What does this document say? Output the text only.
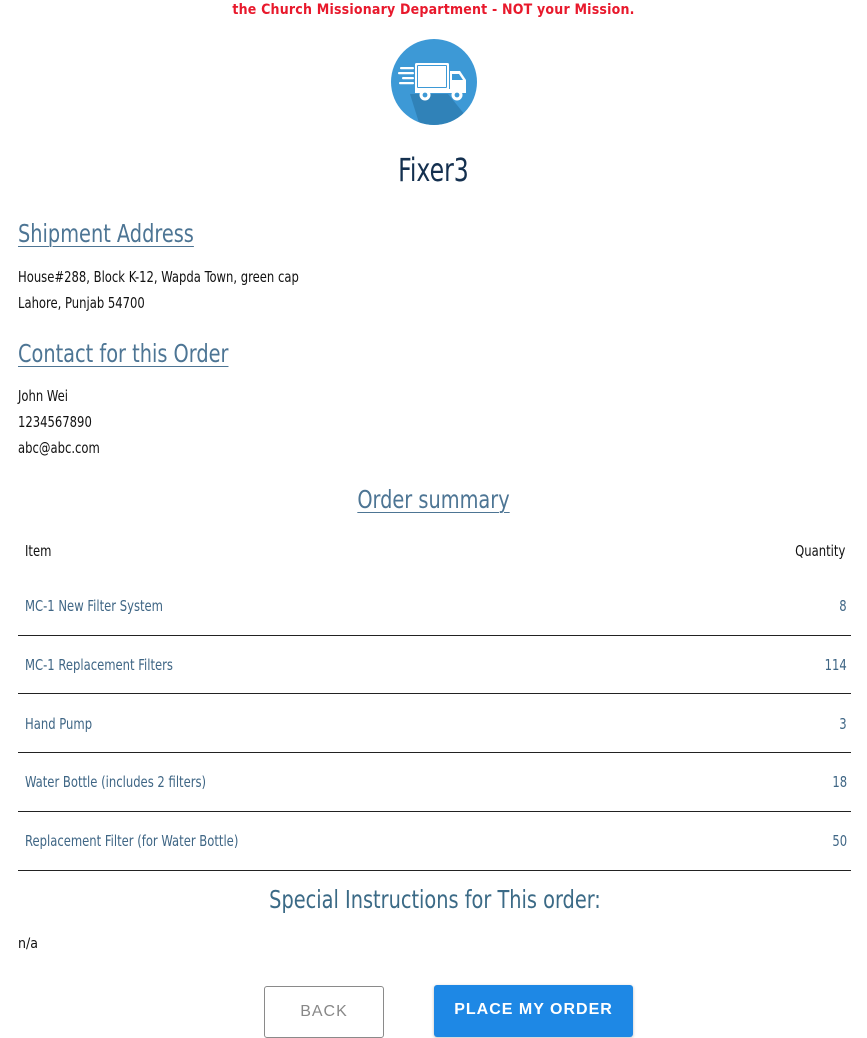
the Church Missionary Department - NOT your Mission.
Fixer3
Shipment Address
House#288, Block K-12, Wapda Town, green cap
Lahore, Punjab 54700
Contact for this Order
John Wei
1234567890
abc@abc.com
Order summary
Item	Quantity
MC-1 New Filter System	8
MC-1 Replacement Filters	114
Hand Pump	3
Water Bottle (includes 2 filters)	18
Replacement Filter (for Water Bottle)	50
Special Instructions for This order:
n/a
BACK	PLACE MY ORDER
